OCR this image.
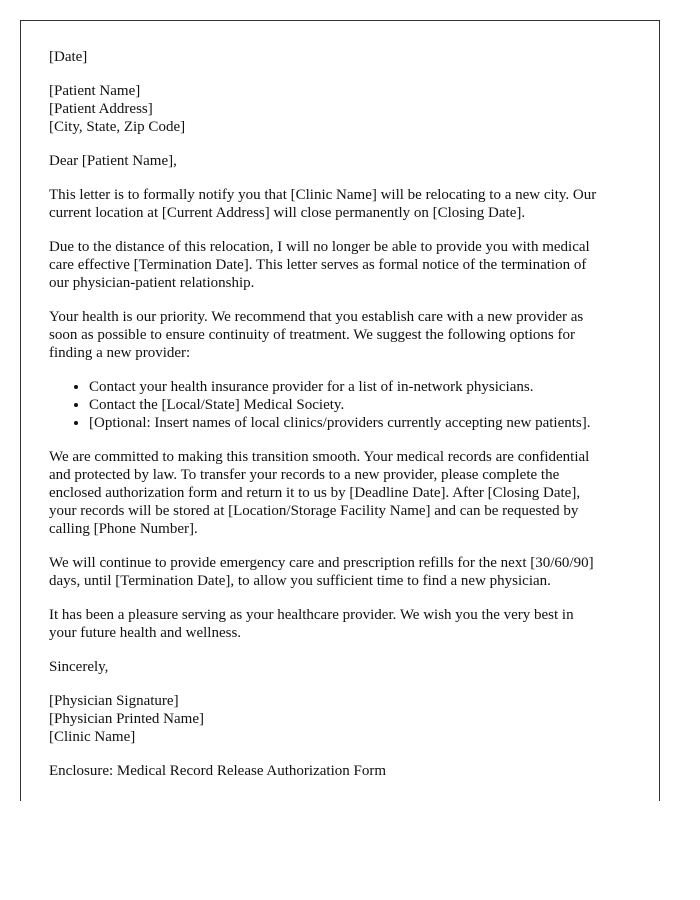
[Date]

[Patient Name]
[Patient Address]
[City, State, Zip Code]

Dear [Patient Name],

This letter is to formally notify you that [Clinic Name] will be relocating to a new city. Our
current location at [Current Address] will close permanently on [Closing Date].

Due to the distance of this relocation, I will no longer be able to provide you with medical
care effective [Termination Date]. This letter serves as formal notice of the termination of
our physician-patient relationship.

Your health is our priority. We recommend that you establish care with a new provider as
soon as possible to ensure continuity of treatment. We suggest the following options for
finding a new provider:

• Contact your health insurance provider for a list of in-network physicians.
• Contact the [Local/State] Medical Society.
• [Optional: Insert names of local clinics/providers currently accepting new patients].

We are committed to making this transition smooth. Your medical records are confidential
and protected by law. To transfer your records to a new provider, please complete the
enclosed authorization form and return it to us by [Deadline Date]. After [Closing Date],
your records will be stored at [Location/Storage Facility Name] and can be requested by
calling [Phone Number].

We will continue to provide emergency care and prescription refills for the next [30/60/90]
days, until [Termination Date], to allow you sufficient time to find a new physician.

It has been a pleasure serving as your healthcare provider. We wish you the very best in
your future health and wellness.

Sincerely,

[Physician Signature]
[Physician Printed Name]
[Clinic Name]

Enclosure: Medical Record Release Authorization Form
